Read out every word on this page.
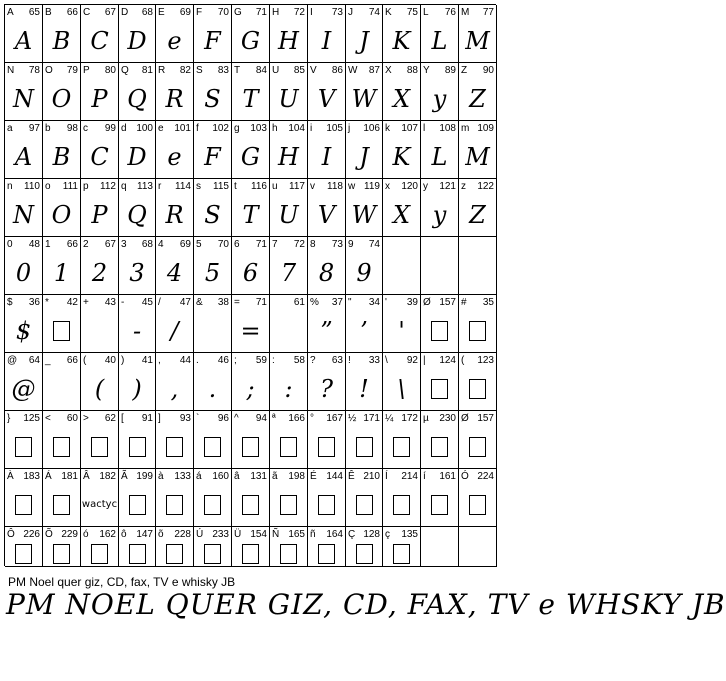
A 65
A
B 66
B
C 67
C
D 68
D
E 69
e
F 70
F
G 71
G
H 72
H
I 73
I
J 74
J
K 75
K
L 76
L
M 77
M
N 78
N
O 79
O
P 80
P
Q 81
Q
R 82
R
S 83
S
T 84
T
U 85
U
V 86
V
W 87
W
X 88
X
Y 89
y
Z 90
Z
a 97
A
b 98
B
c 99
C
d 100
D
e 101
e
f 102
F
g 103
G
h 104
H
i 105
I
j 106
J
k 107
K
l 108
L
m 109
M
n 110
N
o 111
O
p 112
P
q 113
Q
r 114
R
s 115
S
t 116
T
u 117
U
v 118
V
w 119
W
x 120
X
y 121
y
z 122
Z
0 48
0
1 66
1
2 67
2
3 68
3
4 69
4
5 70
5
6 71
6
7 72
7
8 73
8
9 74
9
$ 36
$
* 42 + 43 - 45
-
/ 47
/
& 38 = 71
=
61 % 37
”
" 34
’
' 39
'
Ø 157 # 35
@ 64
@
_ 66 ( 40
(
) 41
)
, 44
,
. 46
.
; 59
;
: 58
:
? 63
?
! 33
!
\ 92
\
| 124 ( 123
} 125 < 60 > 62 [ 91 ] 93 ` 96 ^ 94 ª 166 ° 167 ½ 171 ¼ 172 µ 230 Ø 157
À 183 Á 181 Â 182
wactyc
Ã 199 à 133 á 160 â 131 ã 198 É 144 Ê 210 Í 214 í 161 Ó 224
Ô 226 Õ 229 ó 162 ô 147 õ 228 Ú 233 Ü 154 Ñ 165 ñ 164 Ç 128 ç 135
PM Noel quer giz, CD, fax, TV e whisky JB
PM NOEL QUER GIZ, CD, FAX, TV e WHSKY JB
